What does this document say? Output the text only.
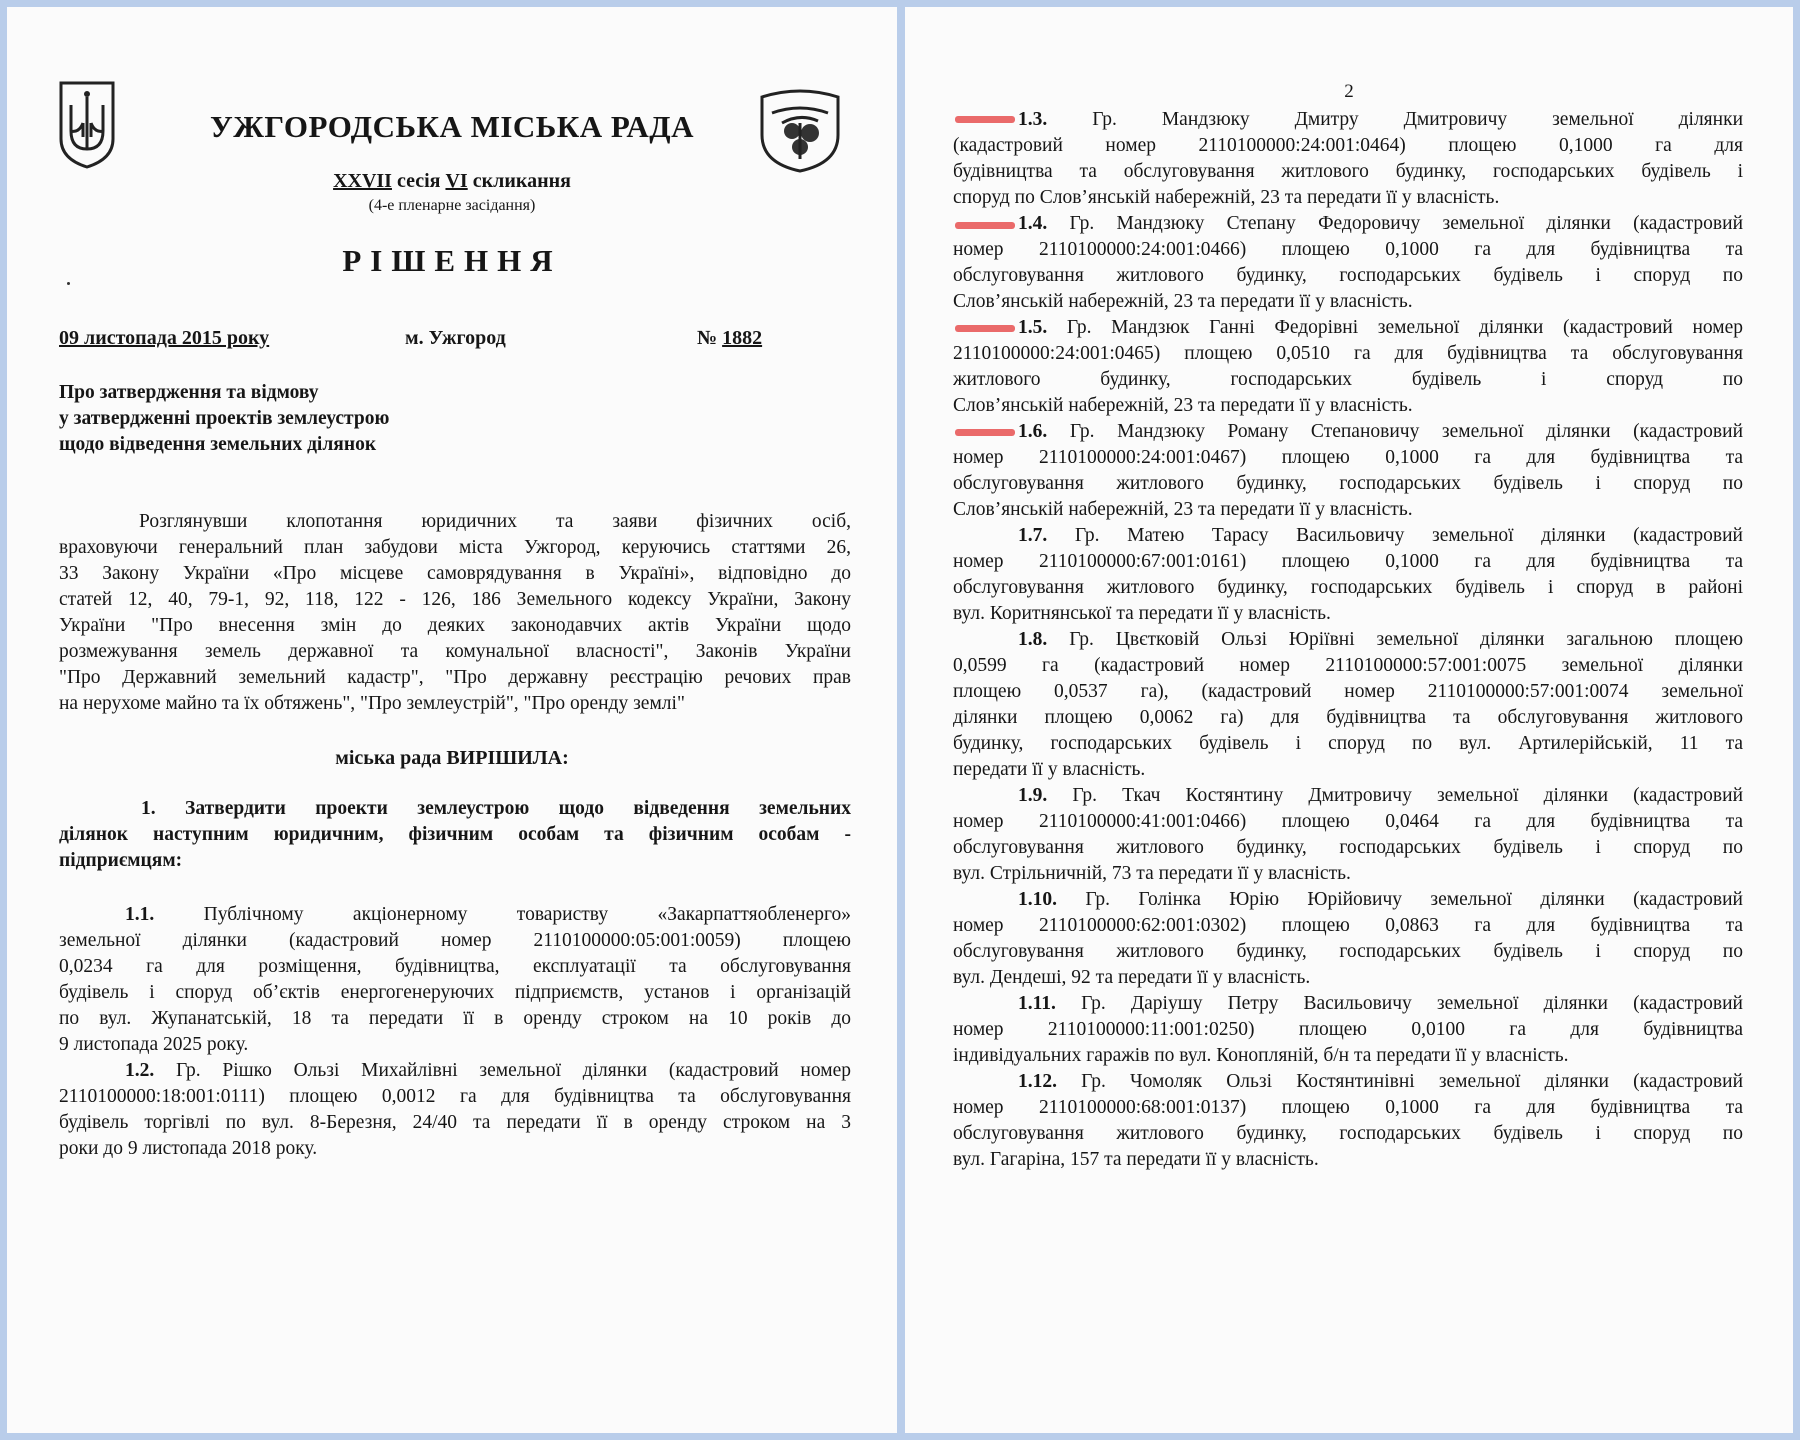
УЖГОРОДСЬКА МІСЬКА РАДА
XXVII сесія VI скликання
(4-е пленарне засідання)
РІШЕННЯ
09 листопада 2015 року	м. Ужгород	№ 1882
Про затвердження та відмову
у затвердженні проектів землеустрою
щодо відведення земельних ділянок
Розглянувши клопотання юридичних та заяви фізичних осіб,
враховуючи генеральний план забудови міста Ужгород, керуючись статтями 26,
33 Закону України «Про місцеве самоврядування в Україні», відповідно до
статей 12, 40, 79-1, 92, 118, 122 - 126, 186 Земельного кодексу України, Закону
України "Про внесення змін до деяких законодавчих актів України щодо
розмежування земель державної та комунальної власності", Законів України
"Про Державний земельний кадастр", "Про державну реєстрацію речових прав
на нерухоме майно та їх обтяжень", "Про землеустрій", "Про оренду землі"
міська рада ВИРІШИЛА:
1. Затвердити проекти землеустрою щодо відведення земельних
ділянок наступним юридичним, фізичним особам та фізичним особам -
підприємцям:
1.1.	Публічному акціонерному товариству «Закарпаттяобленерго»
земельної ділянки (кадастровий номер 2110100000:05:001:0059) площею
0,0234 га для розміщення, будівництва, експлуатації та обслуговування
будівель і споруд об’єктів енергогенеруючих підприємств, установ і організацій
по вул. Жупанатській, 18 та передати її в оренду строком на 10 років до
9 листопада 2025 року.
1.2. Гр. Рішко Ользі Михайлівні земельної ділянки (кадастровий номер
2110100000:18:001:0111) площею 0,0012 га для будівництва та обслуговування
будівель торгівлі по вул. 8-Березня, 24/40 та передати її в оренду строком на 3
роки до 9 листопада 2018 року.
2
1.3. Гр. Мандзюку Дмитру Дмитровичу земельної ділянки
(кадастровий номер 2110100000:24:001:0464) площею 0,1000 га для
будівництва та обслуговування житлового будинку, господарських будівель і
споруд по Слов’янській набережній, 23 та передати її у власність.
1.4. Гр. Мандзюку Степану Федоровичу земельної ділянки (кадастровий
номер 2110100000:24:001:0466) площею 0,1000 га для будівництва та
обслуговування житлового будинку, господарських будівель і споруд по
Слов’янській набережній, 23 та передати її у власність.
1.5. Гр. Мандзюк Ганні Федорівні земельної ділянки (кадастровий номер
2110100000:24:001:0465) площею 0,0510 га для будівництва та обслуговування
житлового будинку, господарських будівель і споруд по
Слов’янській набережній, 23 та передати її у власність.
1.6. Гр. Мандзюку Роману Степановичу земельної ділянки (кадастровий
номер 2110100000:24:001:0467) площею 0,1000 га для будівництва та
обслуговування житлового будинку, господарських будівель і споруд по
Слов’янській набережній, 23 та передати її у власність.
1.7. Гр. Матею Тарасу Васильовичу земельної ділянки (кадастровий
номер 2110100000:67:001:0161) площею 0,1000 га для будівництва та
обслуговування житлового будинку, господарських будівель і споруд в районі
вул. Коритнянської та передати її у власність.
1.8. Гр. Цвєтковій Ользі Юріївні земельної ділянки загальною площею
0,0599 га (кадастровий номер 2110100000:57:001:0075 земельної ділянки
площею 0,0537 га), (кадастровий номер 2110100000:57:001:0074 земельної
ділянки площею 0,0062 га) для будівництва та обслуговування житлового
будинку, господарських будівель і споруд по вул. Артилерійській, 11 та
передати її у власність.
1.9. Гр. Ткач Костянтину Дмитровичу земельної ділянки (кадастровий
номер 2110100000:41:001:0466) площею 0,0464 га для будівництва та
обслуговування житлового будинку, господарських будівель і споруд по
вул. Стрільничній, 73 та передати її у власність.
1.10. Гр. Голінка Юрію Юрійовичу земельної ділянки (кадастровий
номер 2110100000:62:001:0302) площею 0,0863 га для будівництва та
обслуговування житлового будинку, господарських будівель і споруд по
вул. Дендеші, 92 та передати її у власність.
1.11. Гр. Даріушу Петру Васильовичу земельної ділянки (кадастровий
номер 2110100000:11:001:0250) площею 0,0100 га для будівництва
індивідуальних гаражів по вул. Конопляній, б/н та передати її у власність.
1.12. Гр. Чомоляк Ользі Костянтинівні земельної ділянки (кадастровий
номер 2110100000:68:001:0137) площею 0,1000 га для будівництва та
обслуговування житлового будинку, господарських будівель і споруд по
вул. Гагаріна, 157 та передати її у власність.
